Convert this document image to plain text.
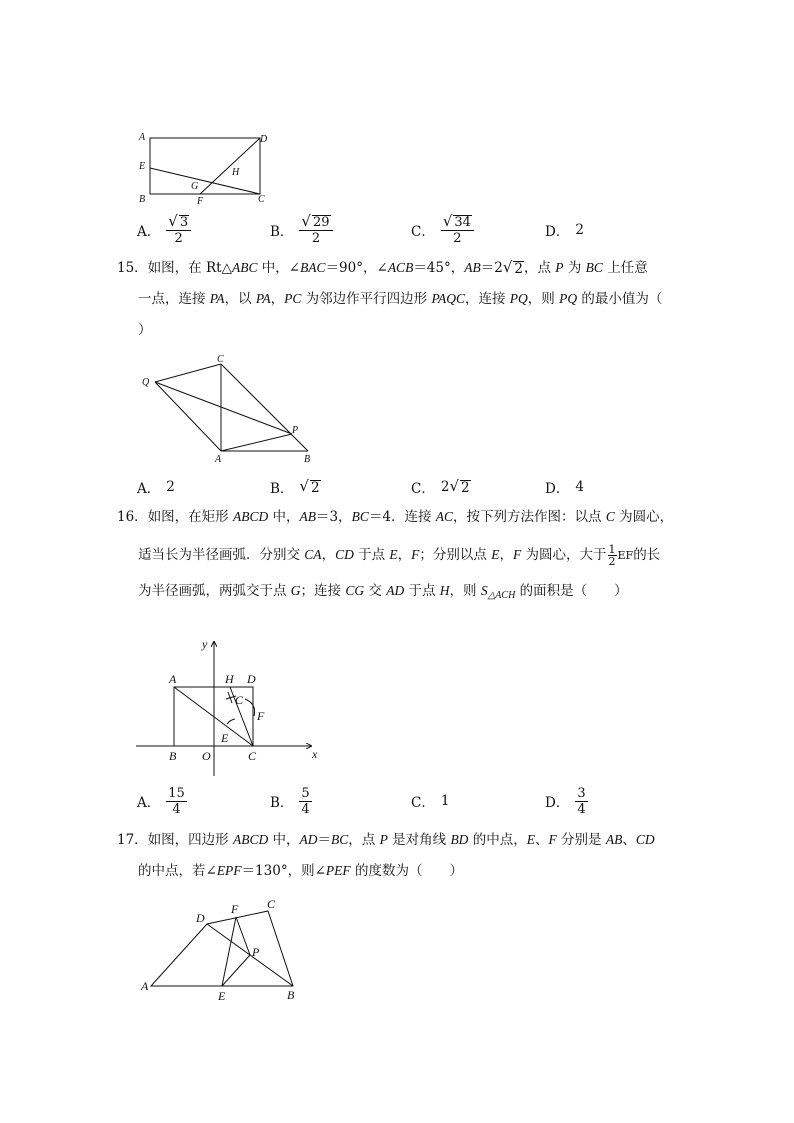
A	D
E
H
G
B	F	C
A． $\frac{√ 3}{2}$	B． $\frac{√ 29}{2}$	C． $\frac{√ 34}{2}$	D． 2
15．如图，在 Rt△ABC 中，∠BAC＝90°，∠ACB＝45°，AB＝2 √ 2 ，点 P 为 BC 上任意
一点，连接 PA，以 PA，PC 为邻边作平行四边形 PAQC，连接 PQ，则 PQ 的最小值为（
）
C
Q
P
A	B
A． 2	B． √ 2	C． 2 √ 2	D． 4
16．如图，在矩形 ABCD 中，AB＝3，BC＝4．连接 AC，按下列方法作图：以点 C 为圆心，
适当长为半径画弧．分别交 CA，CD 于点 E，F；分别以点 E，F 为圆心，大于 $\frac{1}{2}$ EF的长
为半径画弧，两弧交于点 G；连接 CG 交 AD 于点 H，则 $S_{\triangle ACH}$ 的面积是（　　）
y
x
A	H D
C
F
E
B O	C
A． $\frac{15}{4}$	B． $\frac{5}{4}$	C． 1	D． $\frac{3}{4}$
17．如图，四边形 ABCD 中，AD＝BC，点 P 是对角线 BD 的中点，E、F 分别是 AB、CD
的中点，若∠EPF＝130°，则∠PEF 的度数为（　　）
D
F C
P
A
E	B
